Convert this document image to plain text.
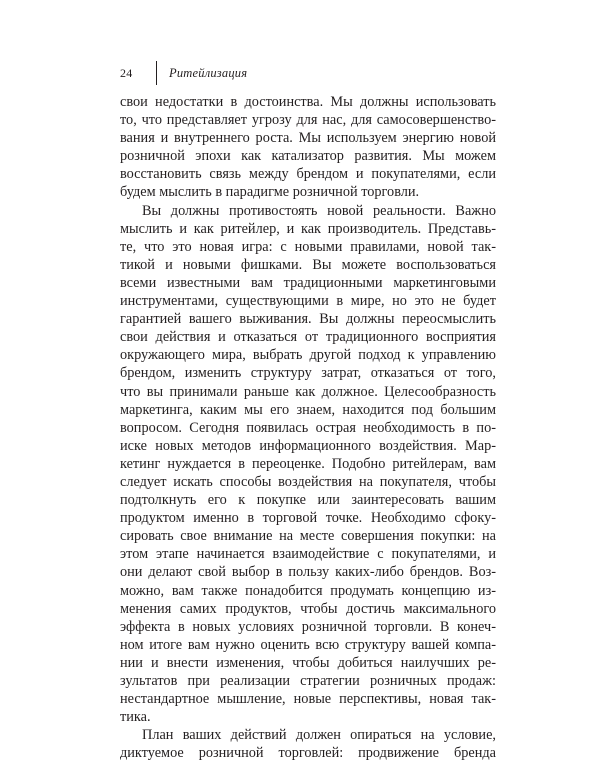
24	Ритейлизация
свои недостатки в достоинства. Мы должны использовать
то, что представляет угрозу для нас, для самосовершенство-
вания и внутреннего роста. Мы используем энергию новой
розничной эпохи как катализатор развития. Мы можем
восстановить связь между брендом и покупателями, если
будем мыслить в парадигме розничной торговли.
Вы должны противостоять новой реальности. Важно
мыслить и как ритейлер, и как производитель. Представь-
те, что это новая игра: с новыми правилами, новой так-
тикой и новыми фишками. Вы можете воспользоваться
всеми известными вам традиционными маркетинговыми
инструментами, существующими в мире, но это не будет
гарантией вашего выживания. Вы должны переосмыслить
свои действия и отказаться от традиционного восприятия
окружающего мира, выбрать другой подход к управлению
брендом, изменить структуру затрат, отказаться от того,
что вы принимали раньше как должное. Целесообразность
маркетинга, каким мы его знаем, находится под большим
вопросом. Сегодня появилась острая необходимость в по-
иске новых методов информационного воздействия. Мар-
кетинг нуждается в переоценке. Подобно ритейлерам, вам
следует искать способы воздействия на покупателя, чтобы
подтолкнуть его к покупке или заинтересовать вашим
продуктом именно в торговой точке. Необходимо сфоку-
сировать свое внимание на месте совершения покупки: на
этом этапе начинается взаимодействие с покупателями, и
они делают свой выбор в пользу каких-либо брендов. Воз-
можно, вам также понадобится продумать концепцию из-
менения самих продуктов, чтобы достичь максимального
эффекта в новых условиях розничной торговли. В конеч-
ном итоге вам нужно оценить всю структуру вашей компа-
нии и внести изменения, чтобы добиться наилучших ре-
зультатов при реализации стратегии розничных продаж:
нестандартное мышление, новые перспективы, новая так-
тика.
План ваших действий должен опираться на условие,
диктуемое розничной торговлей: продвижение бренда
